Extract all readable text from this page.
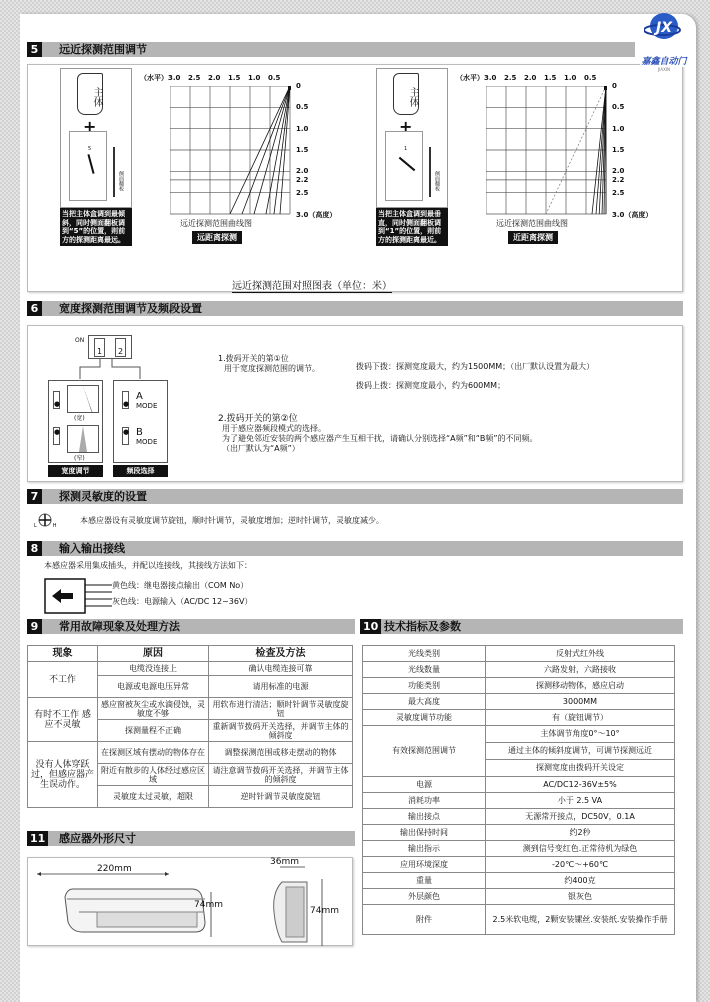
5	远近探测范围调节
主体
+
5
侧面翻板
当把主体盒调到最倾斜，同时侧面翻板调到“5”的位置，则前方的探测距离最远。
（水平）3.0 2.5 2.0 1.5 1.0 0.5
0
0.5
1.0
1.5
2.0
2.2
2.5
3.0（高度）
远近探测范围曲线图
远距离探测
主体
+
1
侧面翻板
当把主体盒调到最垂直，同时侧面翻板调到“1”的位置，则前方的探测距离最近。
（水平）3.0 2.5 2.0 1.5 1.0 0.5
0
0.5
1.0
1.5
2.0
2.2
2.5
3.0（高度）
远近探测范围曲线图
近距离探测
远近探测范围对照图表（单位：米）
JX
嘉鑫自动门
JIAXIN
6	宽度探测范围调节及频段设置
ON
1	2
(宽)
(窄)
●
●
●
A
MODE
● B
MODE
宽度调节	频段选择
1.拨码开关的第①位
用于宽度探测范围的调节。	拨码下拨：探测宽度最大，约为1500MM；（出厂默认设置为最大）
拨码上拨：探测宽度最小，约为600MM；
2.拨码开关的第②位
用于感应器频段模式的选择。
为了避免邻近安装的两个感应器产生互相干扰，请确认分别选择“A频”和“B频”的不同频。
（出厂默认为“A频”）
7	探测灵敏度的设置
L	H
本感应器设有灵敏度调节旋钮，顺时针调节，灵敏度增加；逆时针调节，灵敏度减少。
8	输入输出接线
本感应器采用集成插头，并配以连接线，其接线方法如下：
黄色线：继电器接点输出（COM No）
灰色线：电源输入（AC/DC 12~36V）
9	常用故障现象及处理方法
现象	原因	检查及方法
不工作	电缆没连接上	确认电缆连接可靠
	电源或电源电压异常	请用标准的电源
有时不工作 感应不灵敏	感应窗被灰尘或水滴侵蚀，灵敏度不够	用软布进行清洁；顺时针调节灵敏度旋钮
	探测量程不正确	重新调节拨码开关选择，并调节主体的倾斜度
没有人体穿跃过，但感应器产生误动作。	在探测区域有摆动的物体存在	调整探测范围或移走摆动的物体
	附近有散步的人体经过感应区域	请注意调节拨码开关选择，并调节主体的倾斜度
	灵敏度太过灵敏，超限	逆时针调节灵敏度旋钮
10 技术指标及参数
光线类别	反射式红外线
光线数量	六路发射，六路接收
功能类别	探测移动物体，感应启动
最大高度	3000MM
灵敏度调节功能	有（旋钮调节）
有效探测范围调节	主体调节角度0°～10°
	通过主体的倾斜度调节，可调节探测远近
	探测宽度由拨码开关设定
电源	AC/DC12-36V±5%
消耗功率	小于 2.5 VA
输出接点	无源常开接点，DC50V，0.1A
输出保持时间	约2秒
输出指示	测到信号变红色.正常待机为绿色
应用环境深度	-20℃～+60℃
重量	约400克
外层颜色	银灰色
附件	2.5米软电缆，2颗安装镙丝.安装纸.安装操作手册
11 感应器外形尺寸
220mm
74mm
36mm
74mm
